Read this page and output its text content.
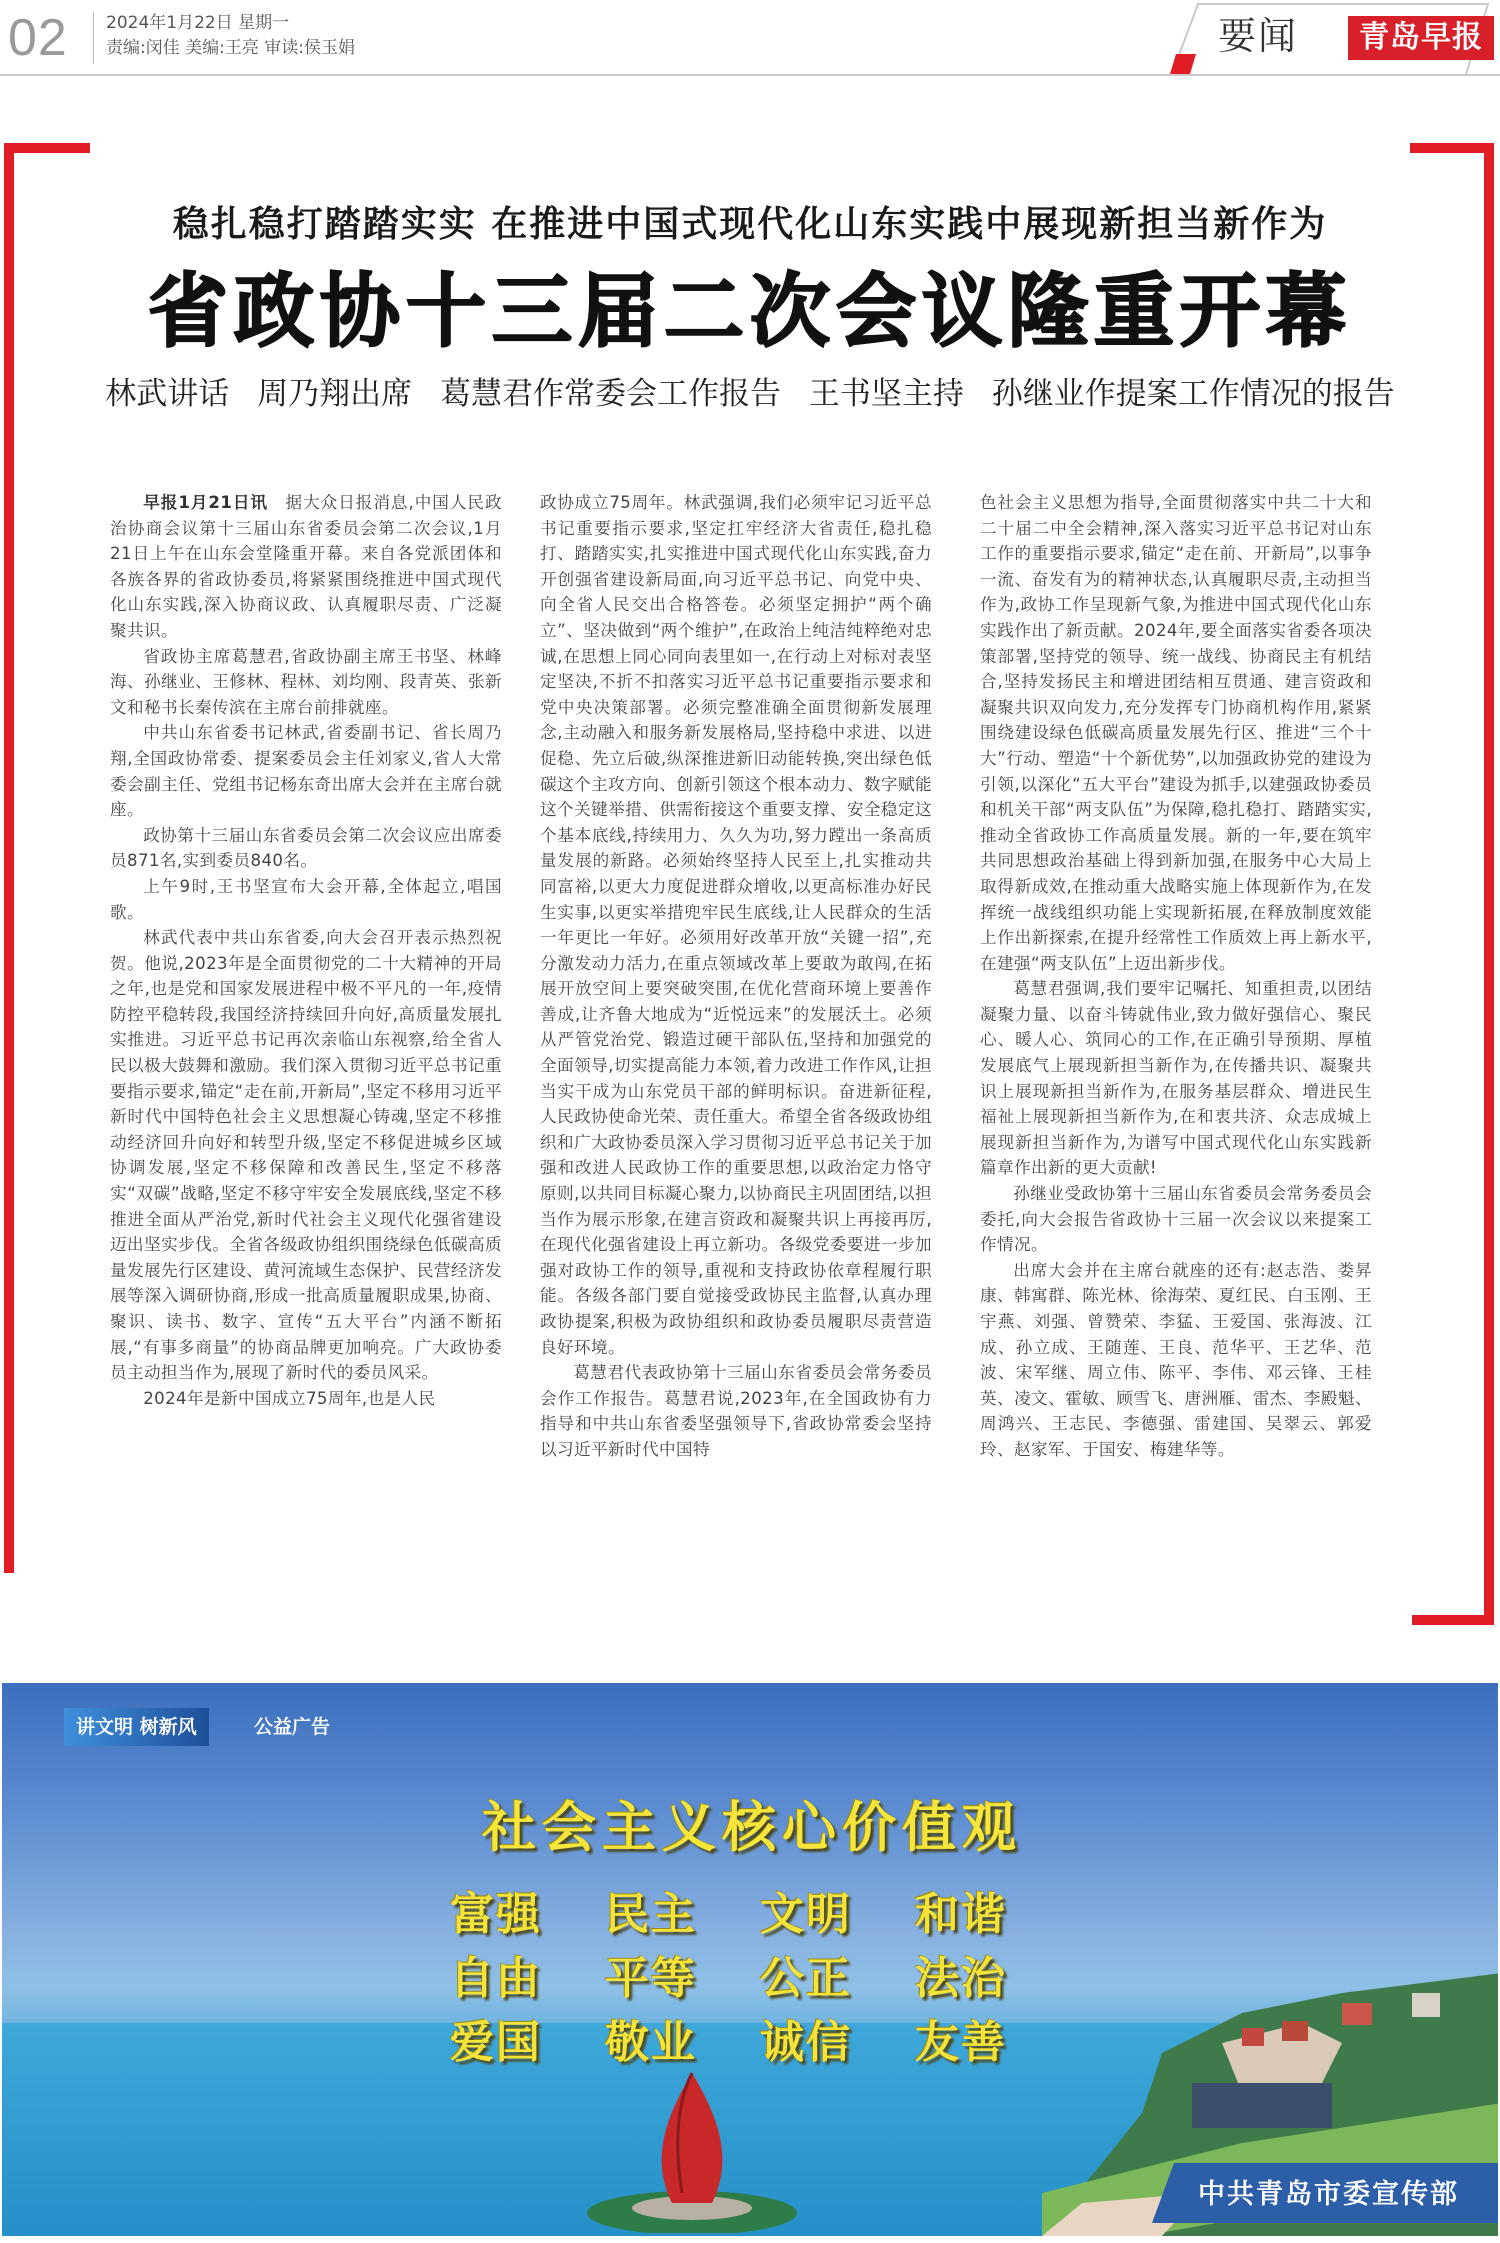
02 2024年1月22日 星期一
责编:闵佳 美编:王亮 审读:侯玉娟	要闻	青岛早报
稳扎稳打踏踏实实 在推进中国式现代化山东实践中展现新担当新作为
省政协十三届二次会议隆重开幕
林武讲话 周乃翔出席 葛慧君作常委会工作报告 王书坚主持 孙继业作提案工作情况的报告

早报1月21日讯  据大众日报消息,中国人民政治协商会议第十三届山东省委员会第二次会议,1月21日上午在山东会堂隆重开幕。来自各党派团体和各族各界的省政协委员,将紧紧围绕推进中国式现代化山东实践,深入协商议政、认真履职尽责、广泛凝聚共识。

省政协主席葛慧君,省政协副主席王书坚、林峰海、孙继业、王修林、程林、刘均刚、段青英、张新文和秘书长秦传滨在主席台前排就座。

中共山东省委书记林武,省委副书记、省长周乃翔,全国政协常委、提案委员会主任刘家义,省人大常委会副主任、党组书记杨东奇出席大会并在主席台就座。

政协第十三届山东省委员会第二次会议应出席委员871名,实到委员840名。

上午9时,王书坚宣布大会开幕,全体起立,唱国歌。

林武代表中共山东省委,向大会召开表示热烈祝贺。他说,2023年是全面贯彻党的二十大精神的开局之年,也是党和国家发展进程中极不平凡的一年,疫情防控平稳转段,我国经济持续回升向好,高质量发展扎实推进。习近平总书记再次亲临山东视察,给全省人民以极大鼓舞和激励。我们深入贯彻习近平总书记重要指示要求,锚定“走在前,开新局”,坚定不移用习近平新时代中国特色社会主义思想凝心铸魂,坚定不移推动经济回升向好和转型升级,坚定不移促进城乡区域协调发展,坚定不移保障和改善民生,坚定不移落实“双碳”战略,坚定不移守牢安全发展底线,坚定不移推进全面从严治党,新时代社会主义现代化强省建设迈出坚实步伐。全省各级政协组织围绕绿色低碳高质量发展先行区建设、黄河流域生态保护、民营经济发展等深入调研协商,形成一批高质量履职成果,协商、聚识、读书、数字、宣传“五大平台”内涵不断拓展,“有事多商量”的协商品牌更加响亮。广大政协委员主动担当作为,展现了新时代的委员风采。

2024年是新中国成立75周年,也是人民

政协成立75周年。林武强调,我们必须牢记习近平总书记重要指示要求,坚定扛牢经济大省责任,稳扎稳打、踏踏实实,扎实推进中国式现代化山东实践,奋力开创强省建设新局面,向习近平总书记、向党中央、向全省人民交出合格答卷。必须坚定拥护“两个确立”、坚决做到“两个维护”,在政治上纯洁纯粹绝对忠诚,在思想上同心同向表里如一,在行动上对标对表坚定坚决,不折不扣落实习近平总书记重要指示要求和党中央决策部署。必须完整准确全面贯彻新发展理念,主动融入和服务新发展格局,坚持稳中求进、以进促稳、先立后破,纵深推进新旧动能转换,突出绿色低碳这个主攻方向、创新引领这个根本动力、数字赋能这个关键举措、供需衔接这个重要支撑、安全稳定这个基本底线,持续用力、久久为功,努力蹚出一条高质量发展的新路。必须始终坚持人民至上,扎实推动共同富裕,以更大力度促进群众增收,以更高标准办好民生实事,以更实举措兜牢民生底线,让人民群众的生活一年更比一年好。必须用好改革开放“关键一招”,充分激发动力活力,在重点领域改革上要敢为敢闯,在拓展开放空间上要突破突围,在优化营商环境上要善作善成,让齐鲁大地成为“近悦远来”的发展沃土。必须从严管党治党、锻造过硬干部队伍,坚持和加强党的全面领导,切实提高能力本领,着力改进工作作风,让担当实干成为山东党员干部的鲜明标识。奋进新征程,人民政协使命光荣、责任重大。希望全省各级政协组织和广大政协委员深入学习贯彻习近平总书记关于加强和改进人民政协工作的重要思想,以政治定力恪守原则,以共同目标凝心聚力,以协商民主巩固团结,以担当作为展示形象,在建言资政和凝聚共识上再接再厉,在现代化强省建设上再立新功。各级党委要进一步加强对政协工作的领导,重视和支持政协依章程履行职能。各级各部门要自觉接受政协民主监督,认真办理政协提案,积极为政协组织和政协委员履职尽责营造良好环境。

葛慧君代表政协第十三届山东省委员会常务委员会作工作报告。葛慧君说,2023年,在全国政协有力指导和中共山东省委坚强领导下,省政协常委会坚持以习近平新时代中国特

色社会主义思想为指导,全面贯彻落实中共二十大和二十届二中全会精神,深入落实习近平总书记对山东工作的重要指示要求,锚定“走在前、开新局”,以事争一流、奋发有为的精神状态,认真履职尽责,主动担当作为,政协工作呈现新气象,为推进中国式现代化山东实践作出了新贡献。2024年,要全面落实省委各项决策部署,坚持党的领导、统一战线、协商民主有机结合,坚持发扬民主和增进团结相互贯通、建言资政和凝聚共识双向发力,充分发挥专门协商机构作用,紧紧围绕建设绿色低碳高质量发展先行区、推进“三个十大”行动、塑造“十个新优势”,以加强政协党的建设为引领,以深化“五大平台”建设为抓手,以建强政协委员和机关干部“两支队伍”为保障,稳扎稳打、踏踏实实,推动全省政协工作高质量发展。新的一年,要在筑牢共同思想政治基础上得到新加强,在服务中心大局上取得新成效,在推动重大战略实施上体现新作为,在发挥统一战线组织功能上实现新拓展,在释放制度效能上作出新探索,在提升经常性工作质效上再上新水平,在建强“两支队伍”上迈出新步伐。

葛慧君强调,我们要牢记嘱托、知重担责,以团结凝聚力量、以奋斗铸就伟业,致力做好强信心、聚民心、暖人心、筑同心的工作,在正确引导预期、厚植发展底气上展现新担当新作为,在传播共识、凝聚共识上展现新担当新作为,在服务基层群众、增进民生福祉上展现新担当新作为,在和衷共济、众志成城上展现新担当新作为,为谱写中国式现代化山东实践新篇章作出新的更大贡献!

孙继业受政协第十三届山东省委员会常务委员会委托,向大会报告省政协十三届一次会议以来提案工作情况。

出席大会并在主席台就座的还有:赵志浩、娄昇康、韩寓群、陈光林、徐海荣、夏红民、白玉刚、王宇燕、刘强、曾赞荣、李猛、王爱国、张海波、江成、孙立成、王随莲、王良、范华平、王艺华、范波、宋军继、周立伟、陈平、李伟、邓云锋、王桂英、凌文、霍敏、顾雪飞、唐洲雁、雷杰、李殿魁、周鸿兴、王志民、李德强、雷建国、吴翠云、郭爱玲、赵家军、于国安、梅建华等。

讲文明 树新风	公益广告
社会主义核心价值观
富强 民主 文明 和谐
自由 平等 公正 法治
爱国 敬业 诚信 友善
中共青岛市委宣传部
